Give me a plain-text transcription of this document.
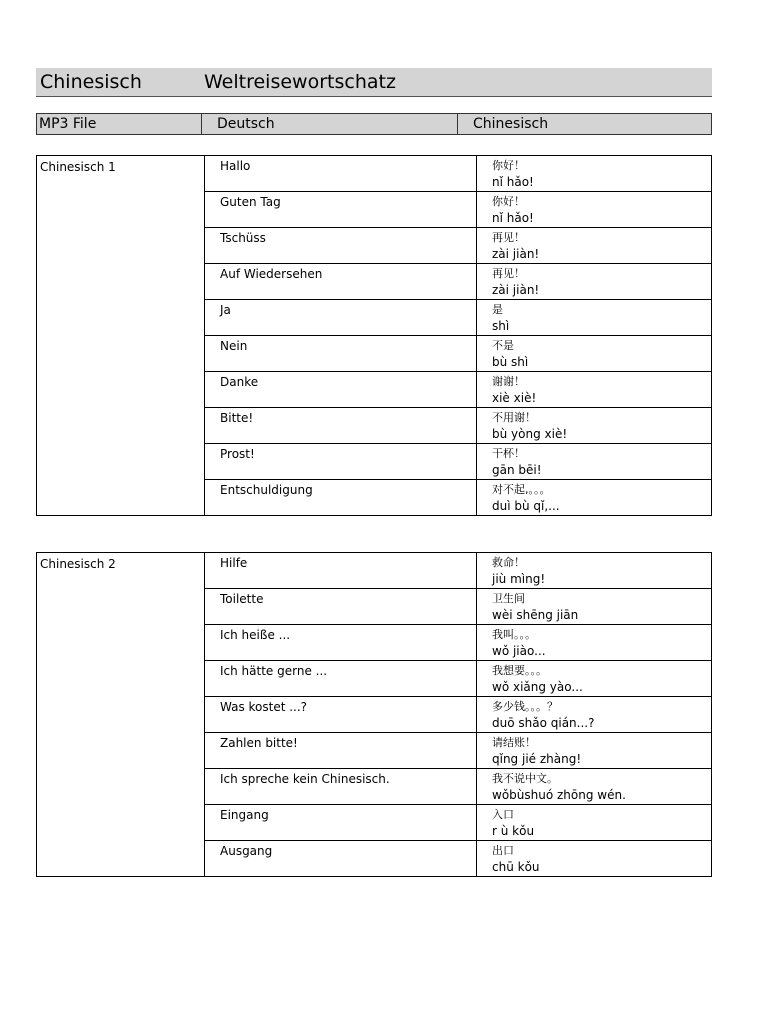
Chinesisch	Weltreisewortschatz
MP3 File	Deutsch	Chinesisch
Chinesisch 1	Hallo	你好！
nǐ hǎo!

	Guten Tag	你好！
nǐ hǎo!

	Tschüss	再见！
zài jiàn!

	Auf Wiedersehen	再见！
zài jiàn!

	Ja	是
shì

	Nein	不是
bù shì

	Danke	谢谢！
xiè xiè!

	Bitte!	不用谢！
bù yòng xiè!

	Prost!	干杯！
gān bēi!

	Entschuldigung	对不起,。。。
duì bù qǐ,...
Chinesisch 2	Hilfe	救命！
jiù mìng!

	Toilette	卫生间
wèi shēng jiān

	Ich heiße ...	我叫。。。
wǒ jiào...

	Ich hätte gerne ...	我想要。。。
wǒ xiǎng yào...

	Was kostet ...?	多少钱。。。？
duō shǎo qián...?

	Zahlen bitte!	请结账！
qǐng jié zhàng!

	Ich spreche kein Chinesisch.	我不说中文。
wǒbùshuó zhōng wén.

	Eingang	入口
r ù kǒu

	Ausgang	出口
chū kǒu
